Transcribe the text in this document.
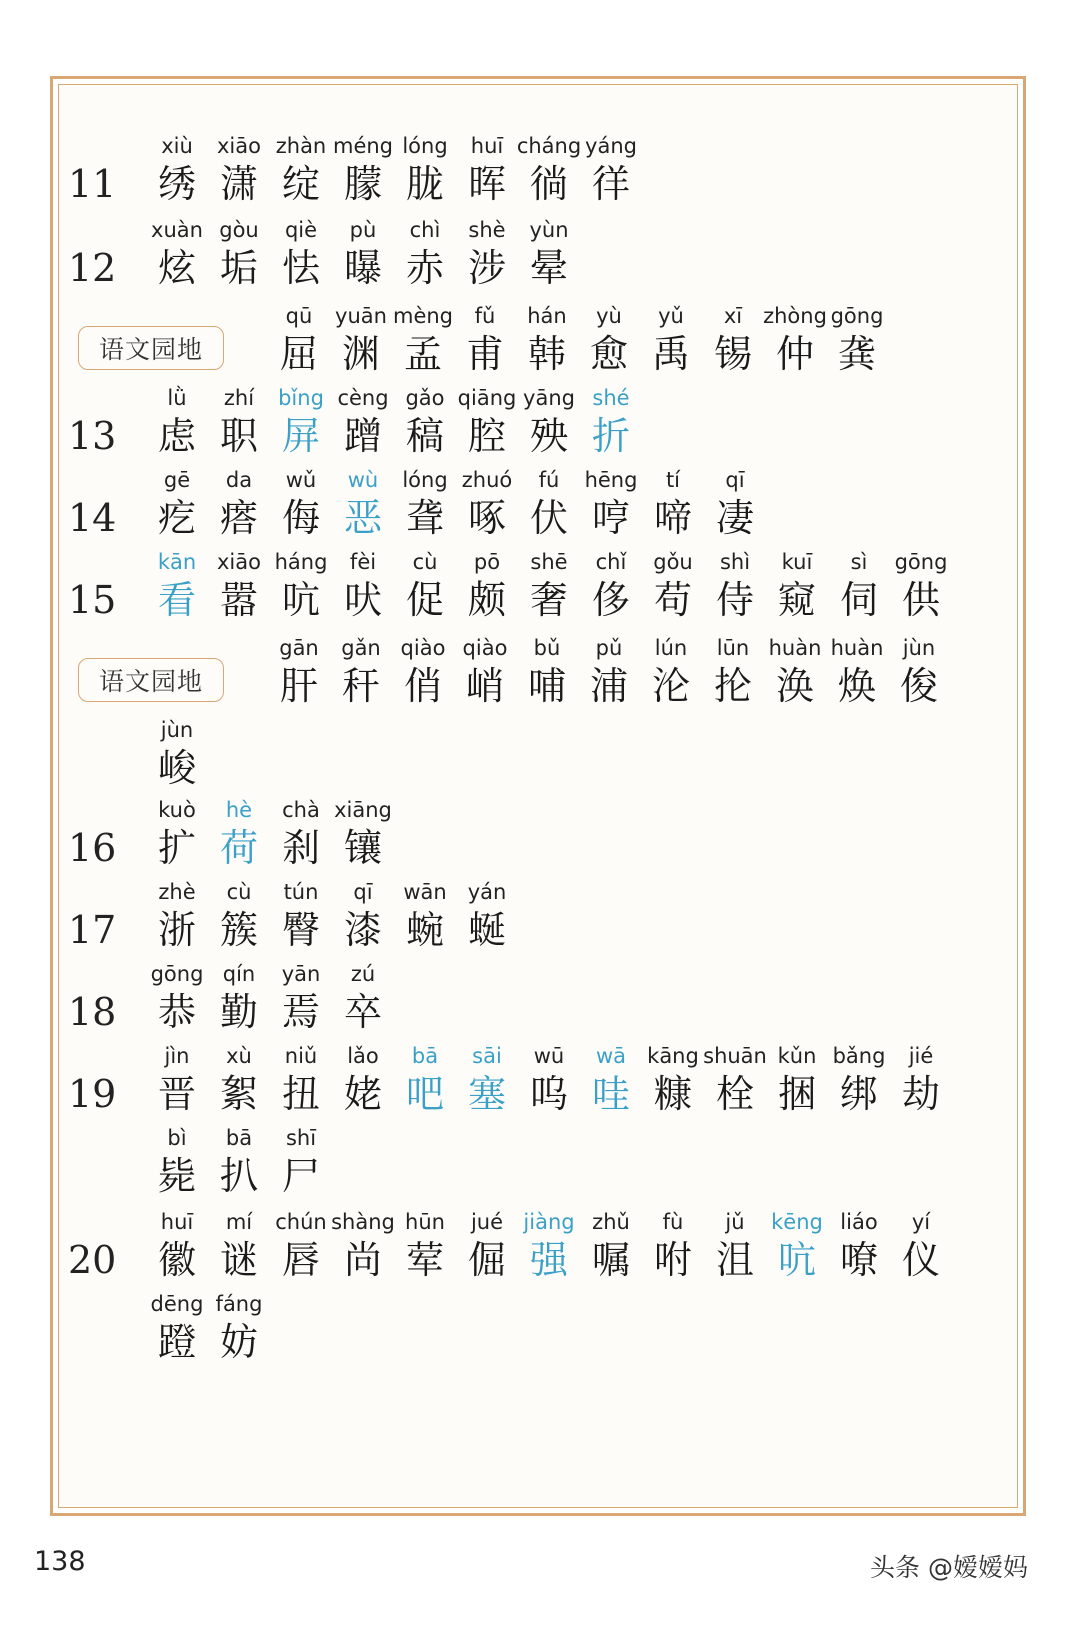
11
xiù
绣
xiāo
潇
zhàn
绽
méng
朦
lóng
胧
huī
晖
cháng
徜
yáng
徉
12
xuàn
炫
gòu
垢
qiè
怯
pù
曝
chì
赤
shè
涉
yùn
晕
语文园地
qū
屈
yuān
渊
mèng
孟
fǔ
甫
hán
韩
yù
愈
yǔ
禹
xī
锡
zhòng
仲
gōng
龚
13
lǜ
虑
zhí
职
bǐng
屏
cèng
蹭
gǎo
稿
qiāng
腔
yāng
殃
shé
折
14
gē
疙
da
瘩
wǔ
侮
wù
恶
lóng
聋
zhuó
啄
fú
伏
hēng
哼
tí
啼
qī
凄
15
kān
看
xiāo
嚣
háng
吭
fèi
吠
cù
促
pō
颇
shē
奢
chǐ
侈
gǒu
苟
shì
侍
kuī
窥
sì
伺
gōng
供
语文园地
gān
肝
gǎn
秆
qiào
俏
qiào
峭
bǔ
哺
pǔ
浦
lún
沦
lūn
抡
huàn
涣
huàn
焕
jùn
俊
jùn
峻
16
kuò
扩
hè
荷
chà
刹
xiāng
镶
17
zhè
浙
cù
簇
tún
臀
qī
漆
wān
蜿
yán
蜒
18
gōng
恭
qín
勤
yān
焉
zú
卒
19
jìn
晋
xù
絮
niǔ
扭
lǎo
姥
bā
吧
sāi
塞
wū
呜
wā
哇
kāng
糠
shuān
栓
kǔn
捆
bǎng
绑
jié
劫
bì
毙
bā
扒
shī
尸
20
huī
徽
mí
谜
chún
唇
shàng
尚
hūn
荤
jué
倔
jiàng
强
zhǔ
嘱
fù
咐
jǔ
沮
kēng
吭
liáo
嘹
yí
仪
dēng
蹬
fáng
妨
138	头条 @嫒嫒妈
